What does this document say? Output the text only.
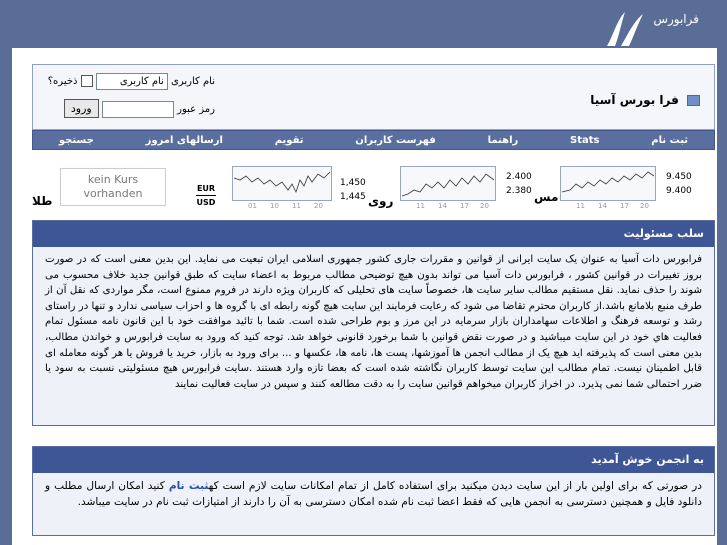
فرابورس
فرا بورس آسیا
نام كاربری نام كاربری  ذخیره؟
رمز عبور  ورود
ثبت نام
Stats
راهنما
فهرست كاربران
تقویم
ارسالهای امروز
جستجو
11 14 17 20
9.450
9.400
مس
11 14 17 20
2.400
2.380
01 10 11 20
1,450
1,445 روی
EUR
USD
kein Kurs
vorhanden
طلا
سلب مسئولیت
فرابورس دات آسیا به عنوان یک سایت ایرانی از قوانین و مقررات جاری کشور جمهوری اسلامی ایران تبعیت می نماید. این بدین معنی است که در صورت بروز تغییرات در قوانین کشور ، فرابورس دات آسیا می تواند بدون هیچ توضیحی مطالب مربوط به اعضاء سایت که طبق قوانین جدید خلاف محسوب می شوند را حذف نماید. نقل مستقیم مطالب سایر سایت ها، خصوصاً سایت های تحلیلی که کاربران ویژه دارند در فروم ممنوع است، مگر مواردی که نقل آن از طرف منبع بلامانع باشد.از کاربران محترم تقاضا می شود که رعایت فرمایند این سایت هیچ گونه رابطه ای با گروه ها و احزاب سیاسی ندارد و تنها در راستای رشد و توسعه فرهنگ و اطلاعات سهامداران بازار سرمایه در این مرز و بوم طراحی شده است. شما با تائید موافقت خود با این قانون نامه مسئول تمام فعالیت هاي خود در این سایت میباشید و در صورت نقض قوانین با شما برخورد قانونی خواهد شد. توجه کنید که ورود به سایت فرابورس و خواندن مطالب، بدین معنی است که پذیرفته اید هیچ یک از مطالب انجمن ها آموزشها، پست ها، نامه ها، عکسها و ... برای ورود به بازار، خرید یا فروش یا هر گونه معامله ای قابل اطمینان نیست. تمام مطالب این سایت توسط کاربران نگاشته شده است که بعضا تازه وارد هستند .سایت فرابورس هیچ مسئولیتی نسبت به سود یا ضرر احتمالی شما نمی پذیرد. در اخراز کاربران میخواهم قوانین سایت را به دقت مطالعه کنند و سپس در سایت فعالیت نمایند
به انجمن خوش آمدید
در صورتی که برای اولین بار از این سایت دیدن میکنید برای استفاده کامل از تمام امکانات سایت لازم است کهثبت نام کنید امکان ارسال مطلب و دانلود فایل و همچنین دسترسی به انجمن هایی که فقط اعضا ثبت نام شده امکان دسترسی به آن را دارند از امتیازات ثبت نام در سایت میباشد.
